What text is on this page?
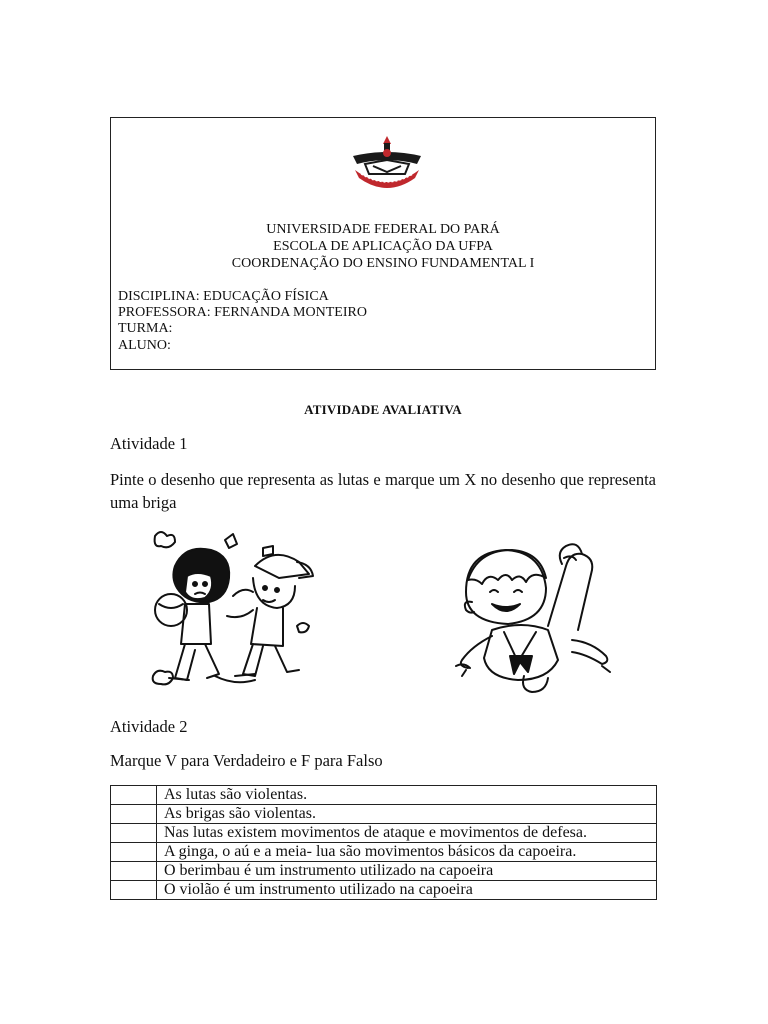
UNIVERSIDADE FEDERAL DO PARÁ
ESCOLA DE APLICAÇÃO DA UFPA
COORDENAÇÃO DO ENSINO FUNDAMENTAL I
DISCIPLINA: EDUCAÇÃO FÍSICA
PROFESSORA: FERNANDA MONTEIRO
TURMA:
ALUNO:
ATIVIDADE AVALIATIVA
Atividade 1
Pinte o desenho que representa as lutas e marque um X no desenho que representa uma briga
Atividade 2
Marque V para Verdadeiro e F para Falso
	As lutas são violentas.
	As brigas são violentas.
	Nas lutas existem movimentos de ataque e movimentos de defesa.
	A ginga, o aú e a meia- lua são movimentos básicos da capoeira.
	O berimbau é um instrumento utilizado na capoeira
	O violão é um instrumento utilizado na capoeira
